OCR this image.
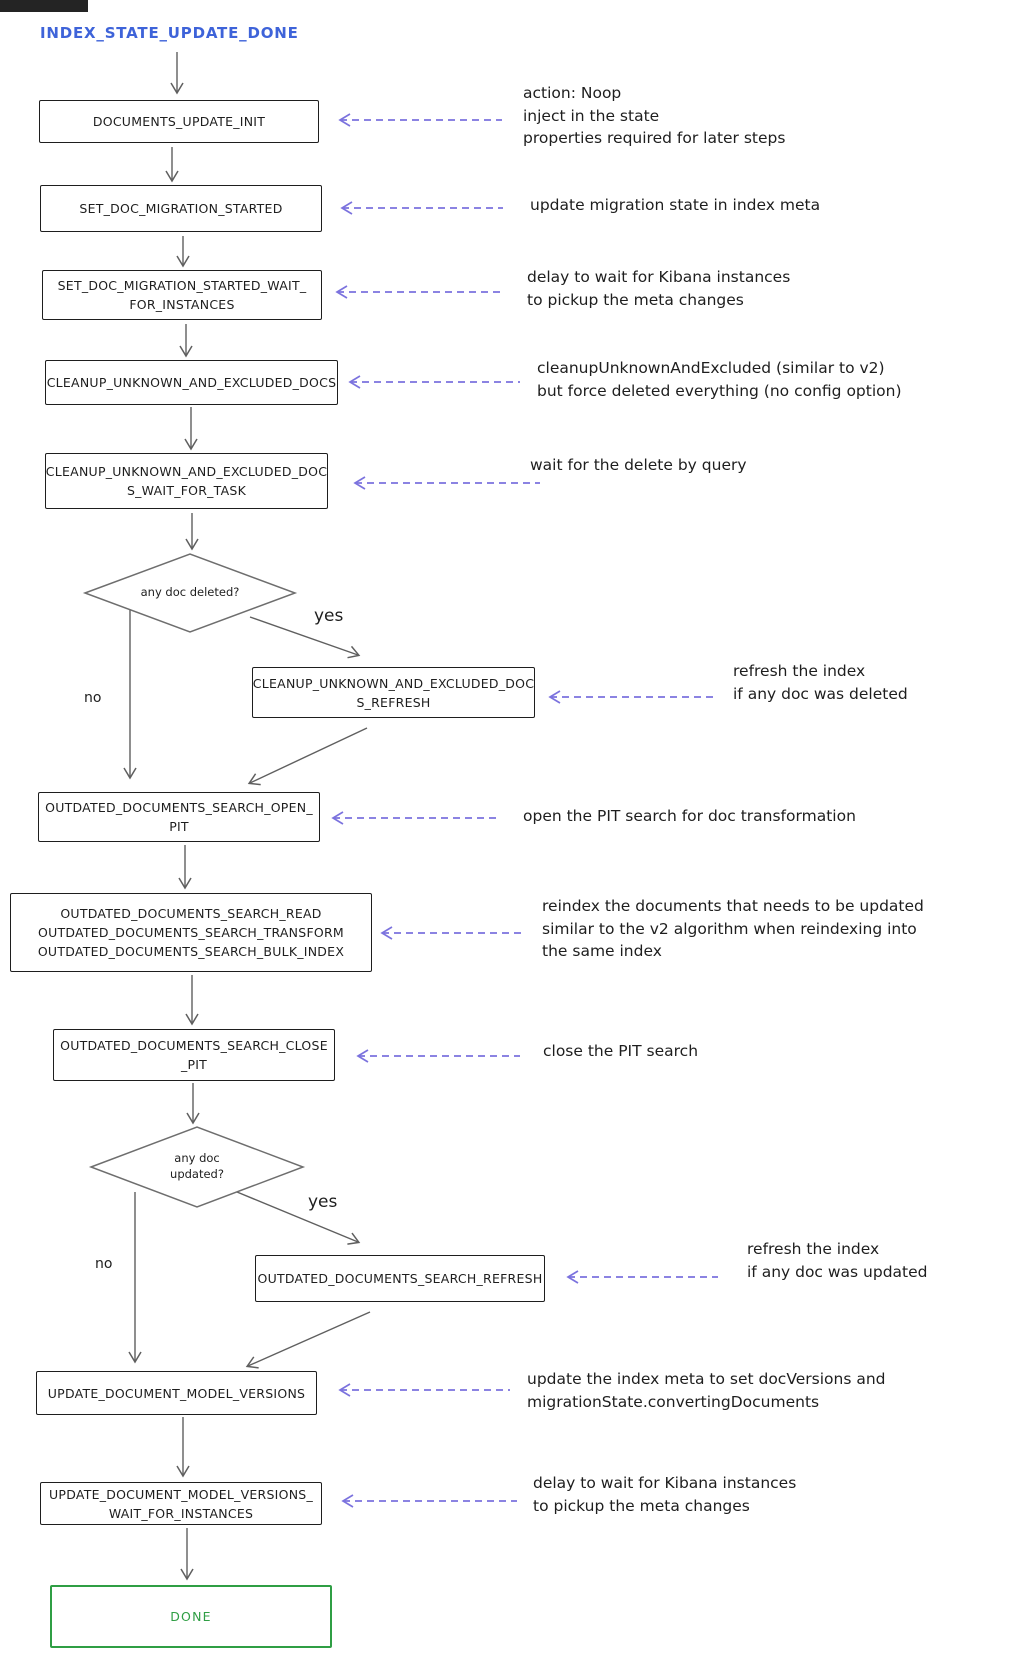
INDEX_STATE_UPDATE_DONE
DOCUMENTS_UPDATE_INIT
SET_DOC_MIGRATION_STARTED
SET_DOC_MIGRATION_STARTED_WAIT_
FOR_INSTANCES
CLEANUP_UNKNOWN_AND_EXCLUDED_DOCS
CLEANUP_UNKNOWN_AND_EXCLUDED_DOC
S_WAIT_FOR_TASK
any doc deleted?
CLEANUP_UNKNOWN_AND_EXCLUDED_DOC
S_REFRESH
OUTDATED_DOCUMENTS_SEARCH_OPEN_
PIT
OUTDATED_DOCUMENTS_SEARCH_READ
OUTDATED_DOCUMENTS_SEARCH_TRANSFORM
OUTDATED_DOCUMENTS_SEARCH_BULK_INDEX
OUTDATED_DOCUMENTS_SEARCH_CLOSE
_PIT
any doc
updated?
OUTDATED_DOCUMENTS_SEARCH_REFRESH
UPDATE_DOCUMENT_MODEL_VERSIONS
UPDATE_DOCUMENT_MODEL_VERSIONS_
WAIT_FOR_INSTANCES
DONE
yes
no
yes
no
action: Noop
inject in the state
properties required for later steps
update migration state in index meta
delay to wait for Kibana instances
to pickup the meta changes
cleanupUnknownAndExcluded (similar to v2)
but force deleted everything (no config option)
wait for the delete by query
refresh the index
if any doc was deleted
open the PIT search for doc transformation
reindex the documents that needs to be updated
similar to the v2 algorithm when reindexing into
the same index
close the PIT search
refresh the index
if any doc was updated
update the index meta to set docVersions and
migrationState.convertingDocuments
delay to wait for Kibana instances
to pickup the meta changes
